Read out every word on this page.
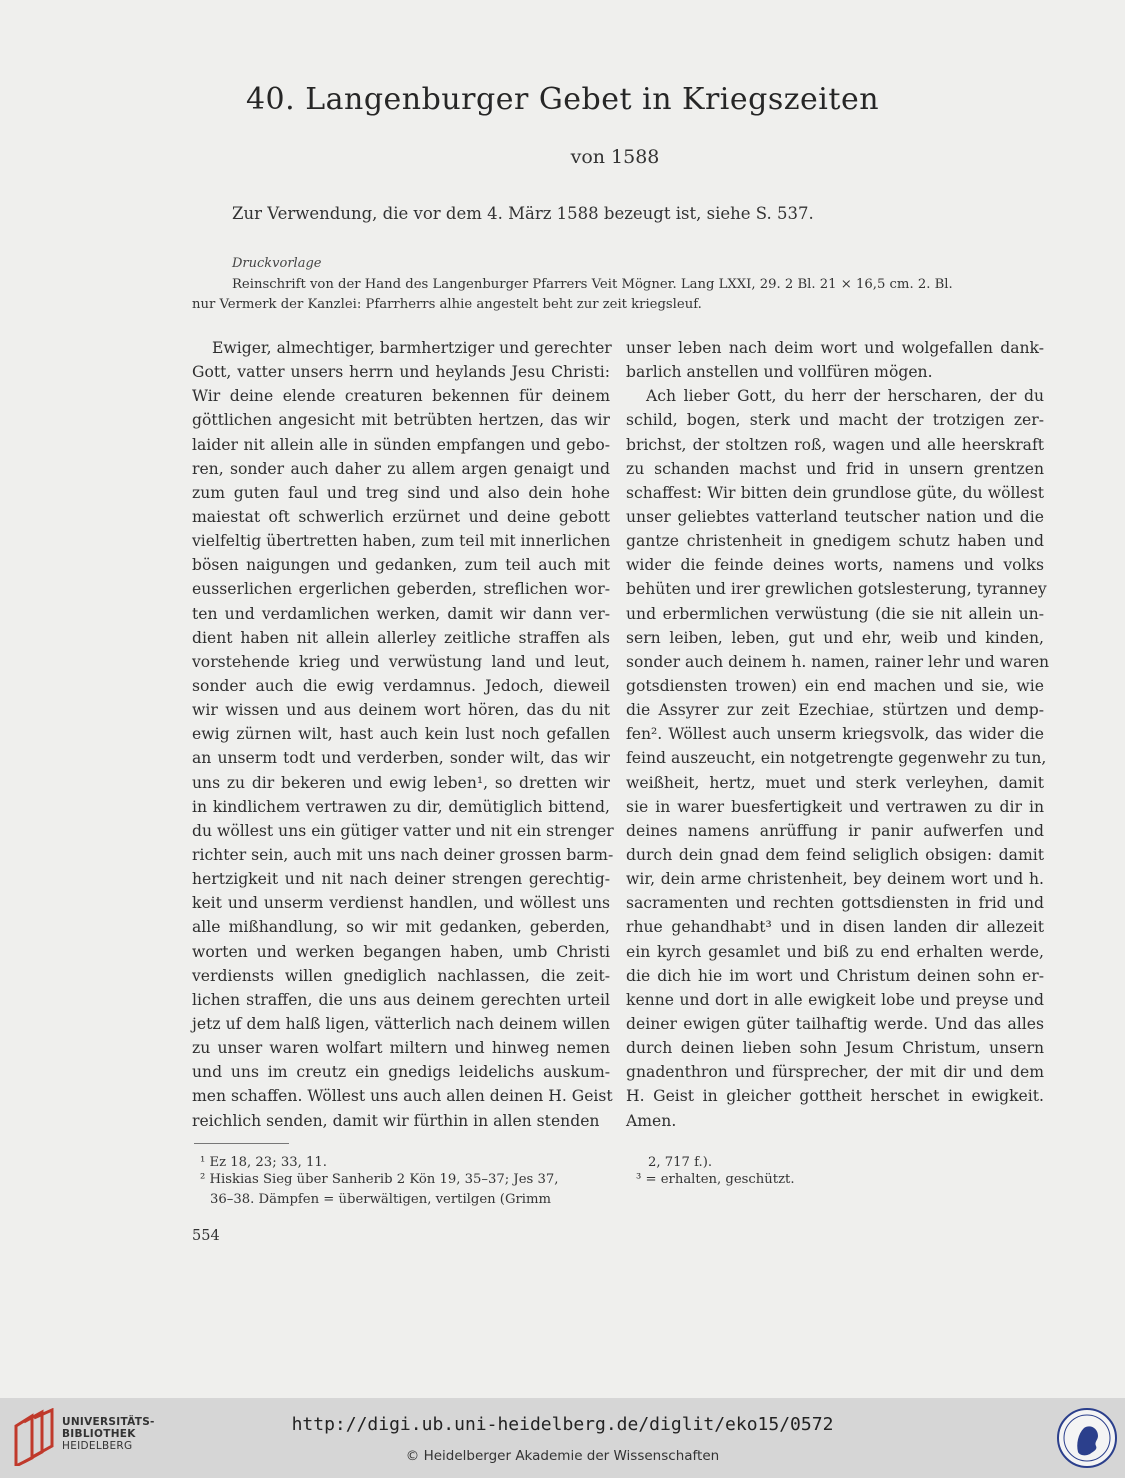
40. Langenburger Gebet in Kriegszeiten
von 1588
Zur Verwendung, die vor dem 4. März 1588 bezeugt ist, siehe S. 537.
Druckvorlage
Reinschrift von der Hand des Langenburger Pfarrers Veit Mögner. Lang LXXI, 29. 2 Bl. 21 × 16,5 cm. 2. Bl.
nur Vermerk der Kanzlei: Pfarrherrs alhie angestelt beht zur zeit kriegsleuf.
Ewiger, almechtiger, barmhertziger und gerechter
Gott, vatter unsers herrn und heylands Jesu Christi:
Wir deine elende creaturen bekennen für deinem
göttlichen angesicht mit betrübten hertzen, das wir
laider nit allein alle in sünden empfangen und gebo-
ren, sonder auch daher zu allem argen genaigt und
zum guten faul und treg sind und also dein hohe
maiestat oft schwerlich erzürnet und deine gebott
vielfeltig übertretten haben, zum teil mit innerlichen
bösen naigungen und gedanken, zum teil auch mit
eusserlichen ergerlichen geberden, streflichen wor-
ten und verdamlichen werken, damit wir dann ver-
dient haben nit allein allerley zeitliche straffen als
vorstehende krieg und verwüstung land und leut,
sonder auch die ewig verdamnus. Jedoch, dieweil
wir wissen und aus deinem wort hören, das du nit
ewig zürnen wilt, hast auch kein lust noch gefallen
an unserm todt und verderben, sonder wilt, das wir
uns zu dir bekeren und ewig leben¹, so dretten wir
in kindlichem vertrawen zu dir, demütiglich bittend,
du wöllest uns ein gütiger vatter und nit ein strenger
richter sein, auch mit uns nach deiner grossen barm-
hertzigkeit und nit nach deiner strengen gerechtig-
keit und unserm verdienst handlen, und wöllest uns
alle mißhandlung, so wir mit gedanken, geberden,
worten und werken begangen haben, umb Christi
verdiensts willen gnediglich nachlassen, die zeit-
lichen straffen, die uns aus deinem gerechten urteil
jetz uf dem halß ligen, vätterlich nach deinem willen
zu unser waren wolfart miltern und hinweg nemen
und uns im creutz ein gnedigs leidelichs auskum-
men schaffen. Wöllest uns auch allen deinen H. Geist
reichlich senden, damit wir fürthin in allen stenden
unser leben nach deim wort und wolgefallen dank-
barlich anstellen und vollfüren mögen.
Ach lieber Gott, du herr der herscharen, der du
schild, bogen, sterk und macht der trotzigen zer-
brichst, der stoltzen roß, wagen und alle heerskraft
zu schanden machst und frid in unsern grentzen
schaffest: Wir bitten dein grundlose güte, du wöllest
unser geliebtes vatterland teutscher nation und die
gantze christenheit in gnedigem schutz haben und
wider die feinde deines worts, namens und volks
behüten und irer grewlichen gotslesterung, tyranney
und erbermlichen verwüstung (die sie nit allein un-
sern leiben, leben, gut und ehr, weib und kinden,
sonder auch deinem h. namen, rainer lehr und waren
gotsdiensten trowen) ein end machen und sie, wie
die Assyrer zur zeit Ezechiae, stürtzen und demp-
fen². Wöllest auch unserm kriegsvolk, das wider die
feind auszeucht, ein notgetrengte gegenwehr zu tun,
weißheit, hertz, muet und sterk verleyhen, damit
sie in warer buesfertigkeit und vertrawen zu dir in
deines namens anrüffung ir panir aufwerfen und
durch dein gnad dem feind seliglich obsigen: damit
wir, dein arme christenheit, bey deinem wort und h.
sacramenten und rechten gottsdiensten in frid und
rhue gehandhabt³ und in disen landen dir allezeit
ein kyrch gesamlet und biß zu end erhalten werde,
die dich hie im wort und Christum deinen sohn er-
kenne und dort in alle ewigkeit lobe und preyse und
deiner ewigen güter tailhaftig werde. Und das alles
durch deinen lieben sohn Jesum Christum, unsern
gnadenthron und fürsprecher, der mit dir und dem
H. Geist in gleicher gottheit herschet in ewigkeit.
Amen.
¹ Ez 18, 23; 33, 11.
² Hiskias Sieg über Sanherib 2 Kön 19, 35–37; Jes 37,
36–38. Dämpfen = überwältigen, vertilgen (Grimm
2, 717 f.).
³ = erhalten, geschützt.
554
UNIVERSITÄTS-
BIBLIOTHEK
HEIDELBERG
http://digi.ub.uni-heidelberg.de/diglit/eko15/0572
© Heidelberger Akademie der Wissenschaften
